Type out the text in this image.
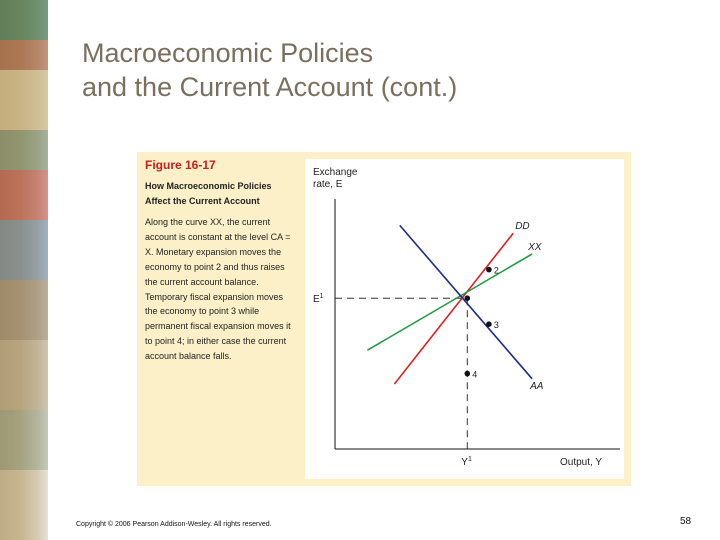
Macroeconomic Policies
and the Current Account (cont.)
Figure 16-17
How Macroeconomic Policies Affect the Current Account
Along the curve XX, the current account is constant at the level CA = X. Monetary expansion moves the economy to point 2 and thus raises the current account balance. Temporary fiscal expansion moves the economy to point 3 while permanent fiscal expansion moves it to point 4; in either case the current account balance falls.
Exchange
rate, E
Output, Y
$E^1$
$Y^1$
DD
XX
AA
2
3
4
Copyright © 2006 Pearson Addison-Wesley. All rights reserved.	58
